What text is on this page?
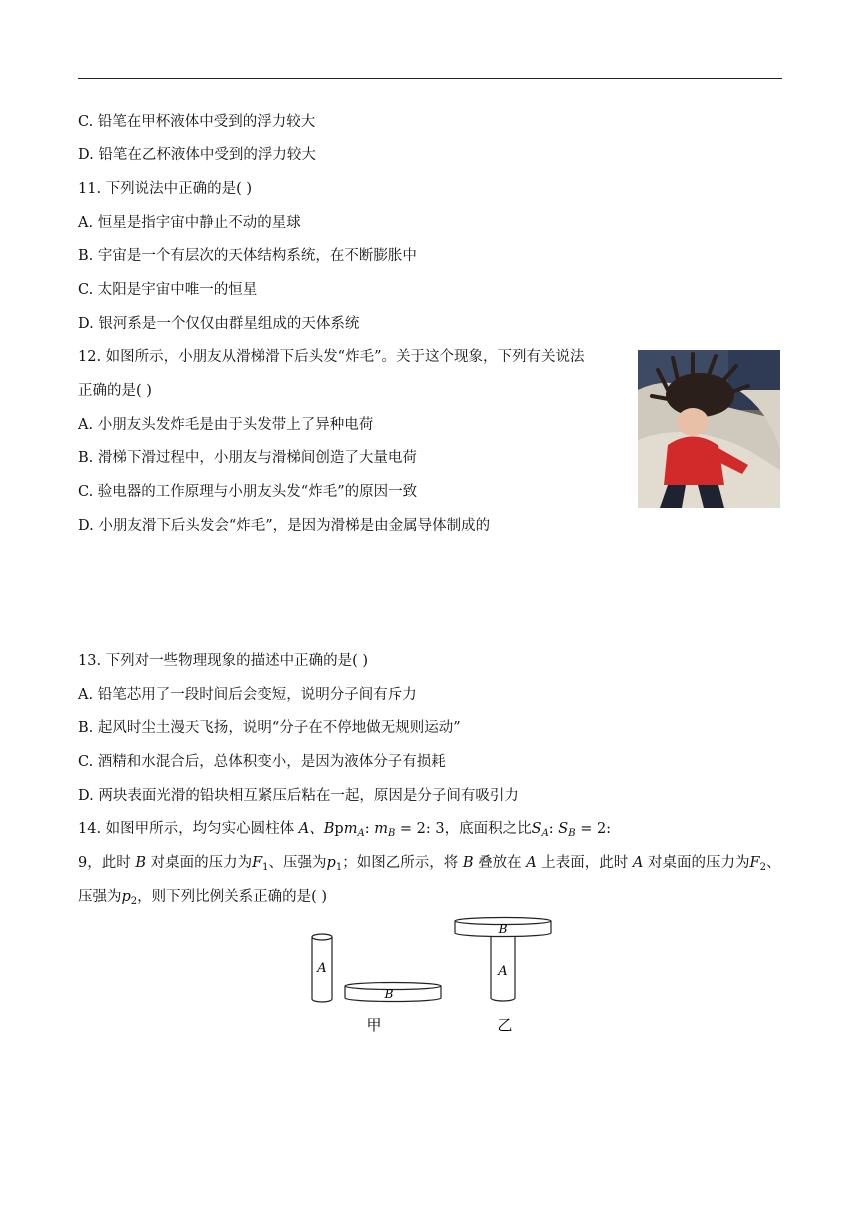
C. 铅笔在甲杯液体中受到的浮力较大
D. 铅笔在乙杯液体中受到的浮力较大
11. 下列说法中正确的是( )
A. 恒星是指宇宙中静止不动的星球
B. 宇宙是一个有层次的天体结构系统，在不断膨胀中
C. 太阳是宇宙中唯一的恒星
D. 银河系是一个仅仅由群星组成的天体系统
12. 如图所示，小朋友从滑梯滑下后头发“炸毛”。关于这个现象，下列有关说法
正确的是( )
A. 小朋友头发炸毛是由于头发带上了异种电荷
B. 滑梯下滑过程中，小朋友与滑梯间创造了大量电荷
C. 验电器的工作原理与小朋友头发“炸毛”的原因一致
D. 小朋友滑下后头发会“炸毛”，是因为滑梯是由金属导体制成的
13. 下列对一些物理现象的描述中正确的是( )
A. 铅笔芯用了一段时间后会变短，说明分子间有斥力
B. 起风时尘土漫天飞扬，说明“分子在不停地做无规则运动”
C. 酒精和水混合后，总体积变小，是因为液体分子有损耗
D. 两块表面光滑的铅块相互紧压后粘在一起，原因是分子间有吸引力
14. 如图甲所示，均匀实心圆柱体 A、Bpm$_A$: $m_B = 2$: 3，底面积之比$S_A$: $S_B = 2$:
9，此时 B 对桌面的压力为$F_1$、压强为$p_1$；如图乙所示，将 B 叠放在 A 上表面，此时 A 对桌面的压力为$F_2$、
压强为$p_2$，则下列比例关系正确的是( )
A
B
B
A
甲	乙
